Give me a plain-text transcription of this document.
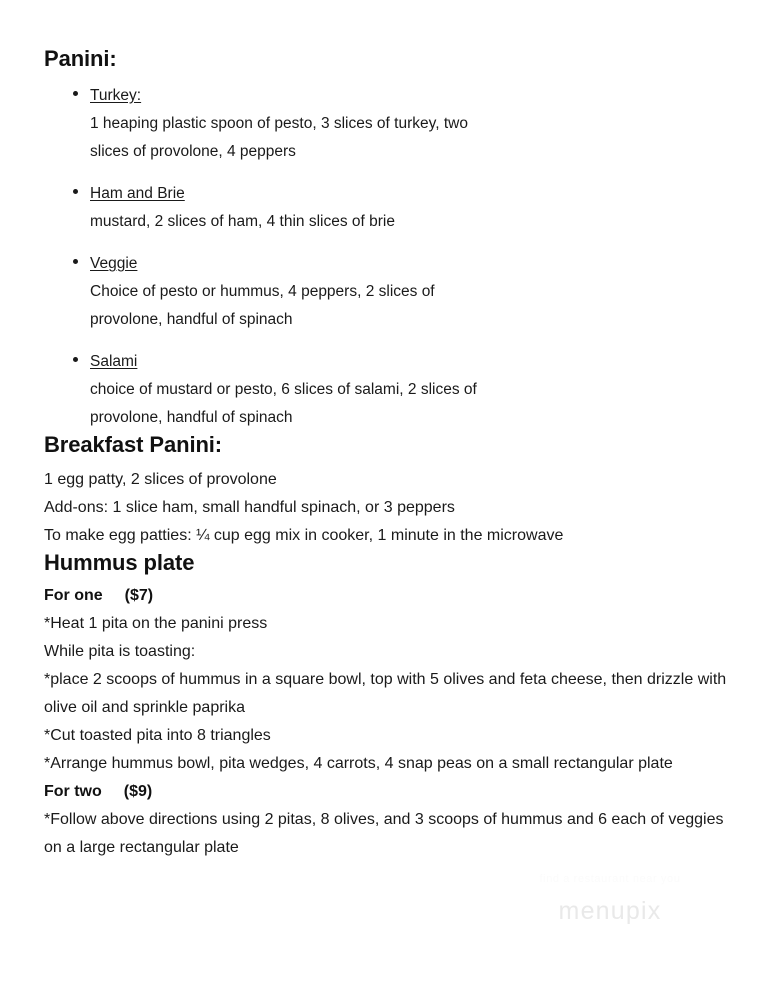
Panini:
Turkey:
1 heaping plastic spoon of pesto, 3 slices of turkey, two slices of provolone, 4 peppers
Ham and Brie
mustard, 2 slices of ham, 4 thin slices of brie
Veggie
Choice of pesto or hummus, 4 peppers, 2 slices of provolone, handful of spinach
Salami
choice of mustard or pesto, 6 slices of salami, 2 slices of provolone, handful of spinach
Breakfast Panini:

1 egg patty, 2 slices of provolone

Add-ons: 1 slice ham, small handful spinach, or 3 peppers

To make egg patties: ¼ cup egg mix in cooker, 1 minute in the microwave

Hummus plate

For one ($7)

*Heat 1 pita on the panini press

While pita is toasting:

*place 2 scoops of hummus in a square bowl, top with 5 olives and feta cheese, then drizzle with olive oil and sprinkle paprika

*Cut toasted pita into 8 triangles

*Arrange hummus bowl, pita wedges, 4 carrots, 4 snap peas on a small rectangular plate

For two ($9)

*Follow above directions using 2 pitas, 8 olives, and 3 scoops of hummus and 6 each of veggies on a large rectangular plate

find a restaurant near you
menupix
